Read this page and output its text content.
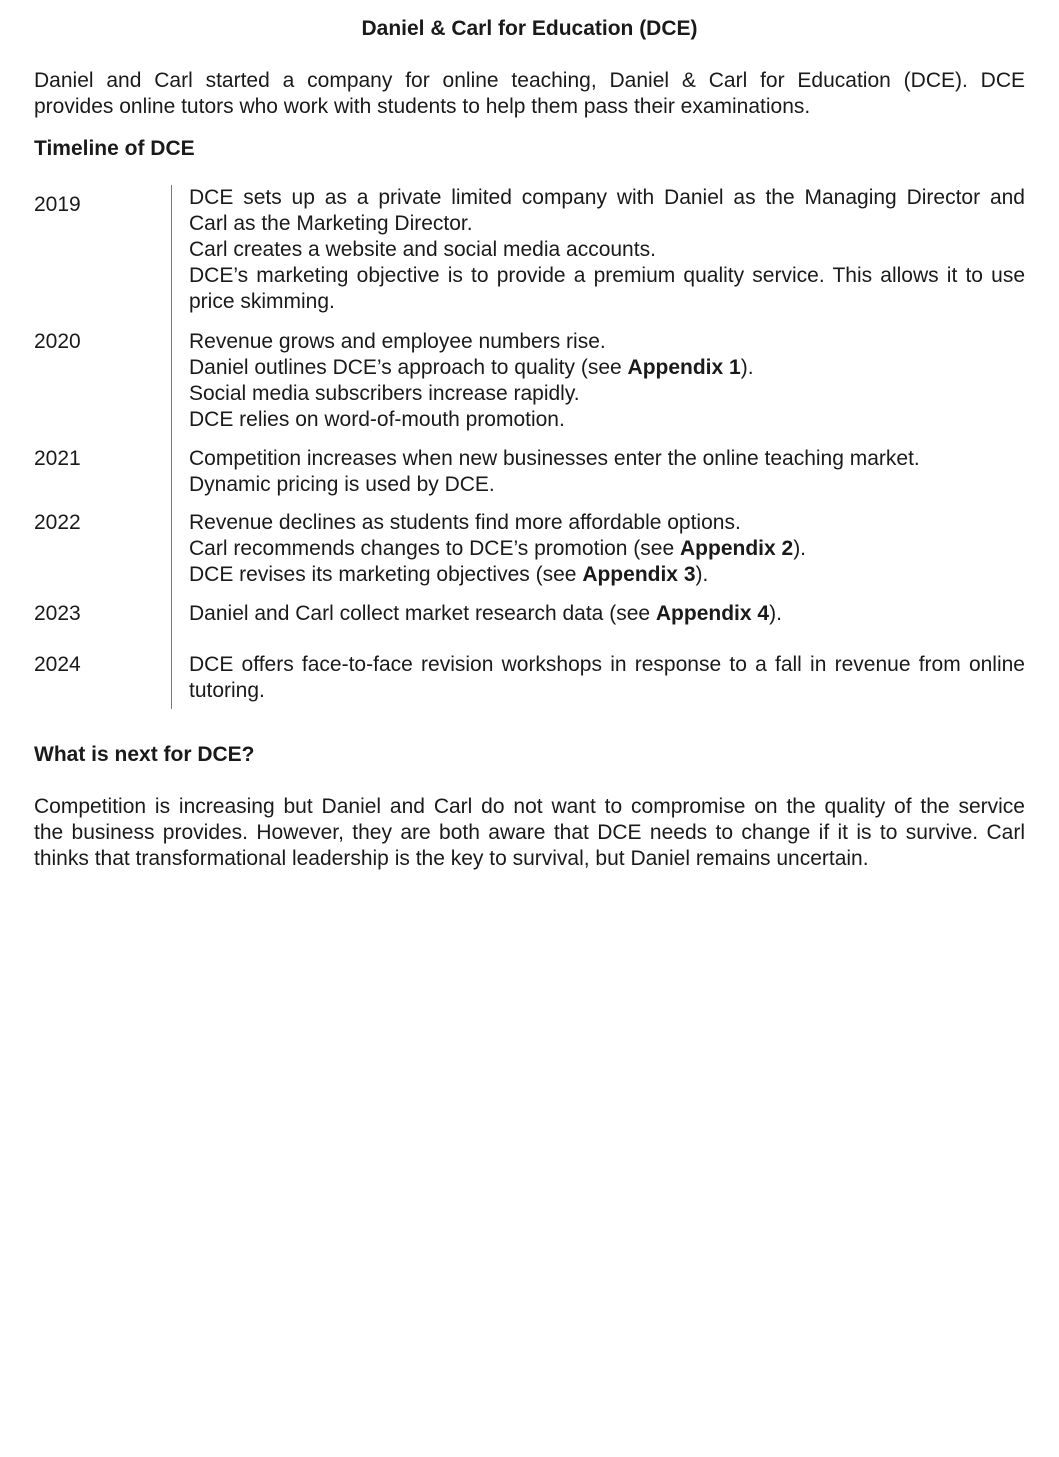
Daniel & Carl for Education (DCE)

Daniel and Carl started a company for online teaching, Daniel & Carl for Education (DCE). DCE

provides online tutors who work with students to help them pass their examinations.

Timeline of DCE
2019	DCE sets up as a private limited company with Daniel as the Managing Director and
Carl as the Marketing Director.
Carl creates a website and social media accounts.
DCE’s marketing objective is to provide a premium quality service. This allows it to use
price skimming.
2020	Revenue grows and employee numbers rise.
Daniel outlines DCE’s approach to quality (see Appendix 1).
Social media subscribers increase rapidly.
DCE relies on word-of-mouth promotion.
2021	Competition increases when new businesses enter the online teaching market.
Dynamic pricing is used by DCE.
2022	Revenue declines as students find more affordable options.
Carl recommends changes to DCE’s promotion (see Appendix 2).
DCE revises its marketing objectives (see Appendix 3).
2023	Daniel and Carl collect market research data (see Appendix 4).
2024	DCE offers face-to-face revision workshops in response to a fall in revenue from online
tutoring.
What is next for DCE?

Competition is increasing but Daniel and Carl do not want to compromise on the quality of the service

the business provides. However, they are both aware that DCE needs to change if it is to survive. Carl

thinks that transformational leadership is the key to survival, but Daniel remains uncertain.
